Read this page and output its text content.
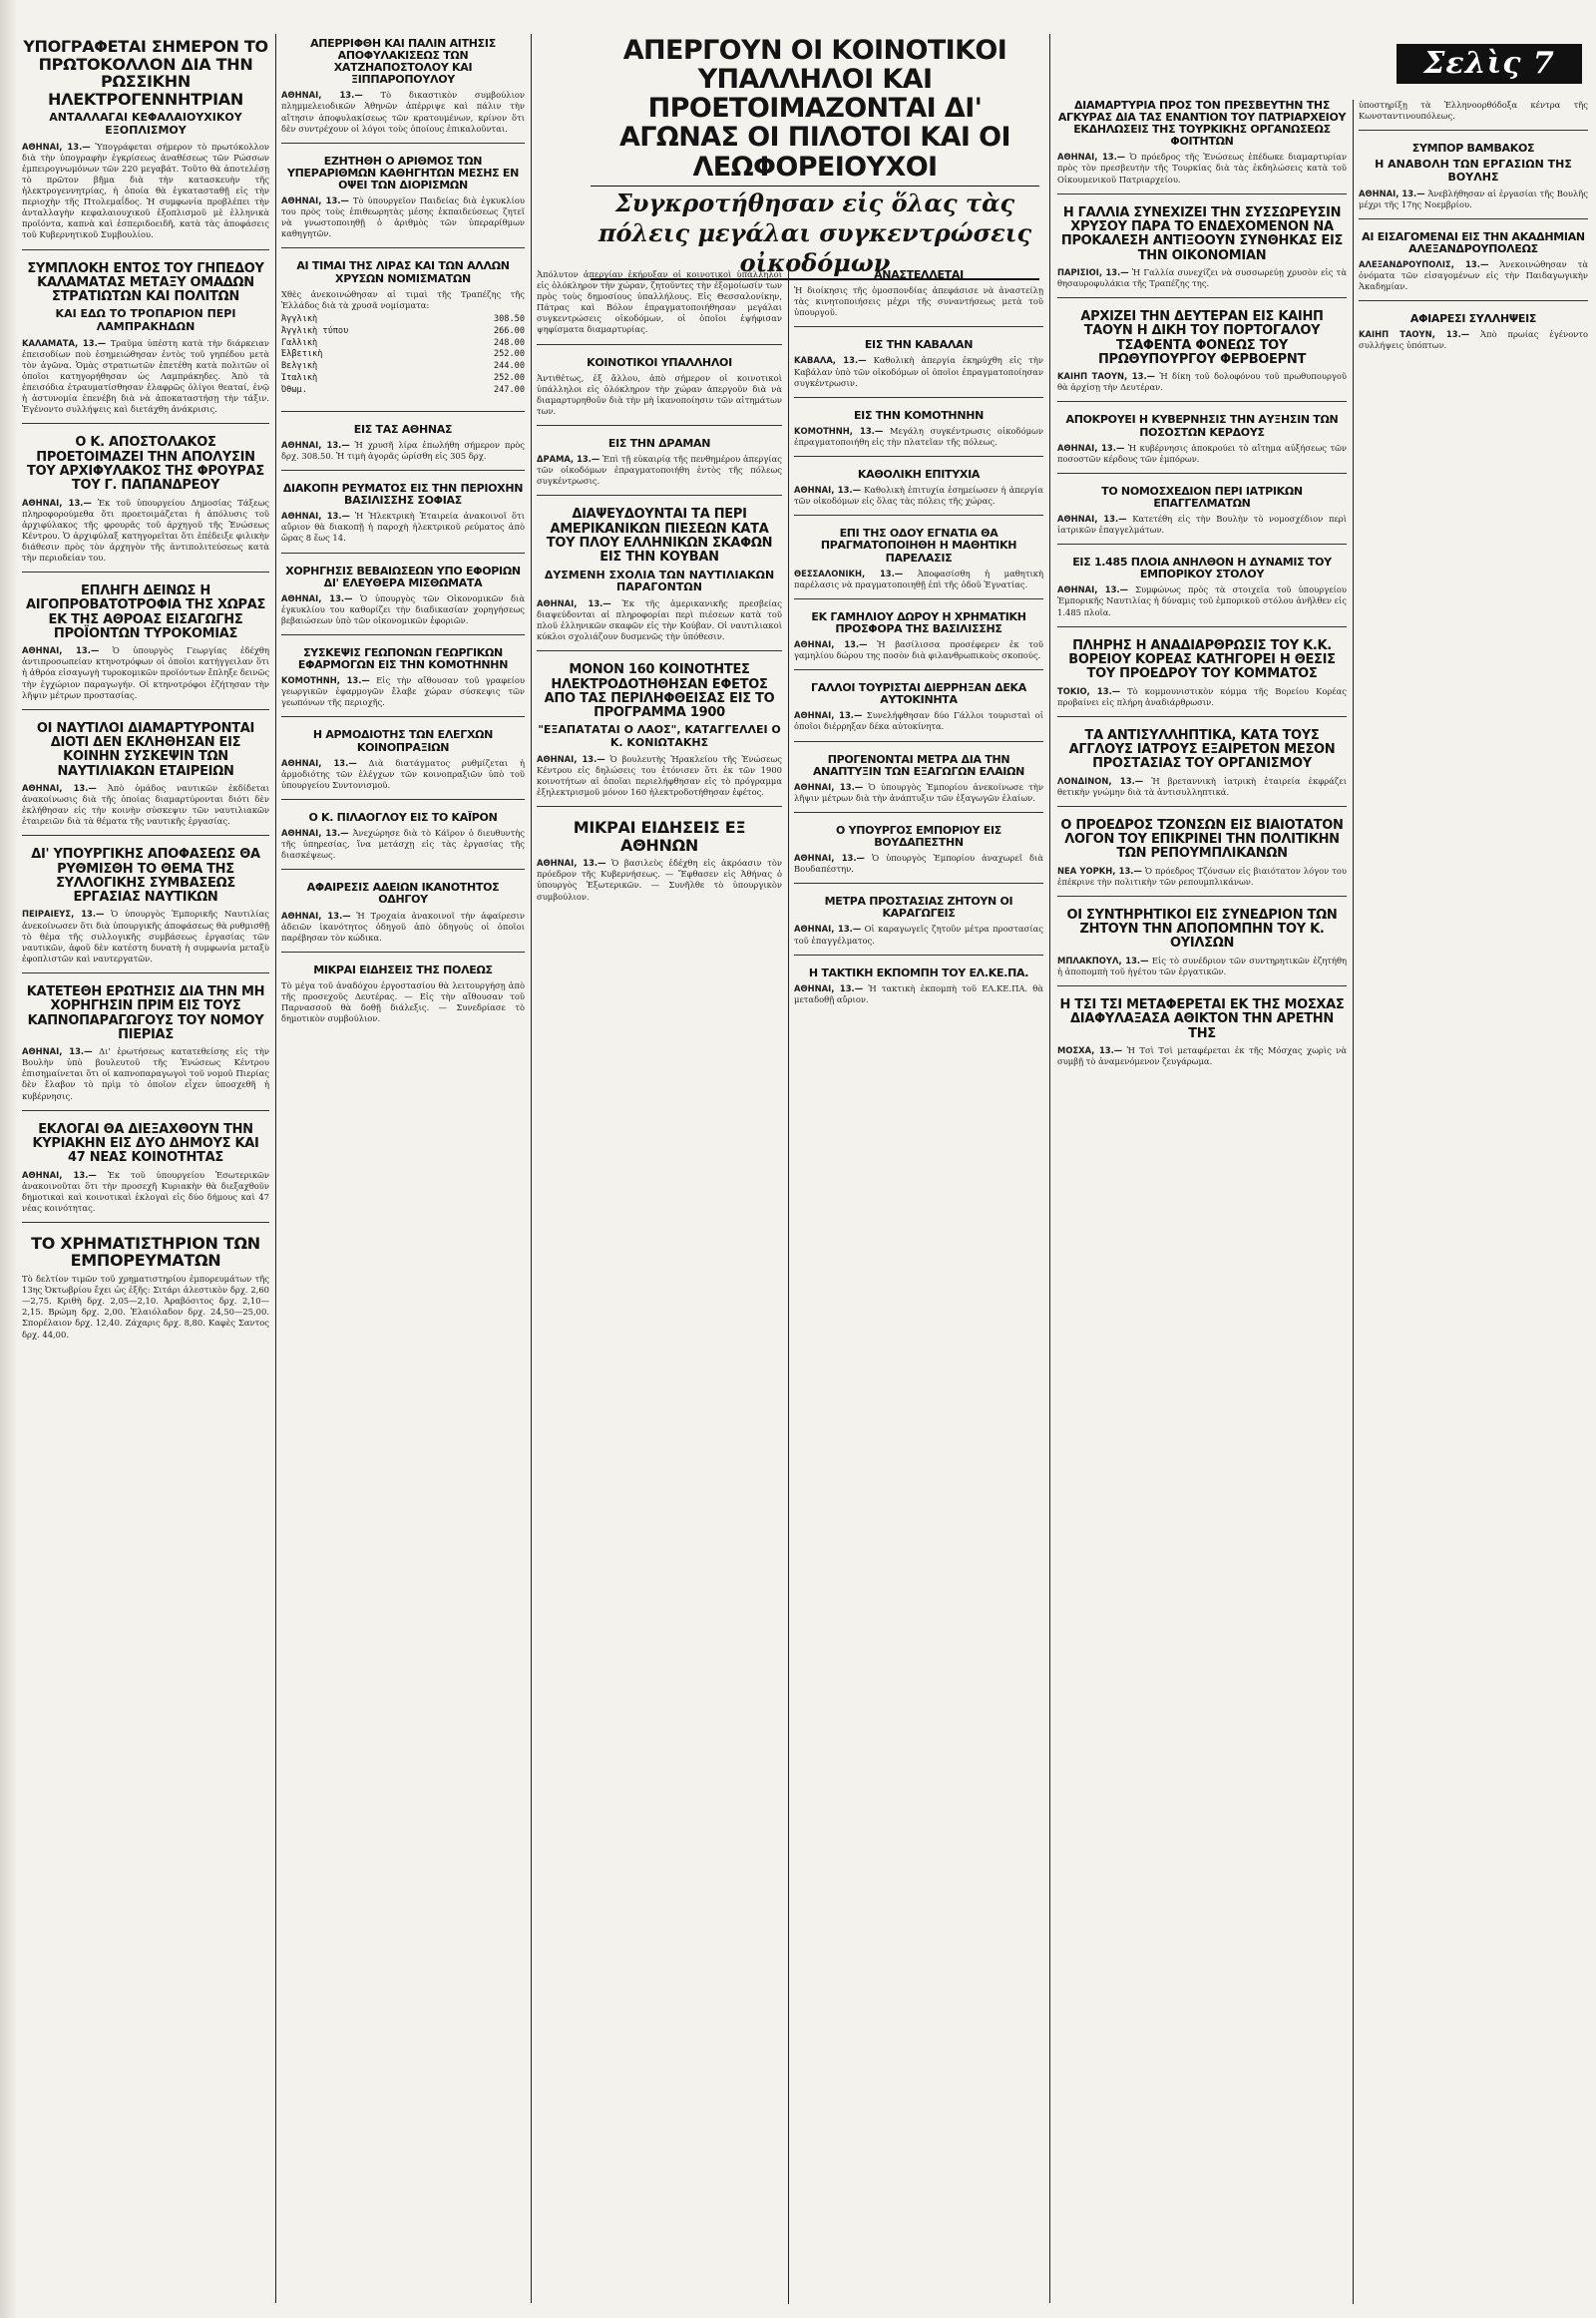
Σελὶς 7
ΑΠΕΡΓΟΥΝ ΟΙ ΚΟΙΝΟΤΙΚΟΙ ΥΠΑΛΛΗΛΟΙ ΚΑΙ ΠΡΟΕΤΟΙΜΑΖΟΝΤΑΙ ΔΙ' ΑΓΩΝΑΣ ΟΙ ΠΙΛΟΤΟΙ ΚΑΙ ΟΙ ΛΕΩΦΟΡΕΙΟΥΧΟΙ
Συγκροτήθησαν εἰς ὅλας τὰς πόλεις μεγάλαι συγκεντρώσεις οἰκοδόμων
ΥΠΟΓΡΑΦΕΤΑΙ ΣΗΜΕΡΟΝ ΤΟ ΠΡΩΤΟΚΟΛΛΟΝ ΔΙΑ ΤΗΝ ΡΩΣΣΙΚΗΝ ΗΛΕΚΤΡΟΓΕΝΝΗΤΡΙΑΝ
ΑΝΤΑΛΛΑΓΑΙ ΚΕΦΑΛΑΙΟΥΧΙΚΟΥ ΕΞΟΠΛΙΣΜΟΥ

ΑΘΗΝΑΙ, 13.— Ὑπογράφεται σήμερον τὸ πρωτόκολλον διὰ τὴν ὑπογραφὴν ἐγκρίσεως ἀναθέσεως τῶν Ρώσσων ἐμπειρογνωμόνων τῶν 220 μεγαβάτ. Τοῦτο θὰ ἀποτελέσῃ τὸ πρῶτον βῆμα διὰ τὴν κατασκευὴν τῆς ἠλεκτρογεννητρίας, ἡ ὁποία θὰ ἐγκατασταθῇ εἰς τὴν περιοχὴν τῆς Πτολεμαΐδος. Ἡ συμφωνία προβλέπει τὴν ἀνταλλαγὴν κεφαλαιουχικοῦ ἐξοπλισμοῦ μὲ ἑλληνικὰ προϊόντα, καπνὰ καὶ ἐσπεριδοειδῆ, κατὰ τὰς ἀποφάσεις τοῦ Κυβερνητικοῦ Συμβουλίου.

ΣΥΜΠΛΟΚΗ ΕΝΤΟΣ ΤΟΥ ΓΗΠΕΔΟΥ ΚΑΛΑΜΑΤΑΣ ΜΕΤΑΞΥ ΟΜΑΔΩΝ ΣΤΡΑΤΙΩΤΩΝ ΚΑΙ ΠΟΛΙΤΩΝ
ΚΑΙ ΕΔΩ ΤΟ ΤΡΟΠΑΡΙΟΝ ΠΕΡΙ ΛΑΜΠΡΑΚΗΔΩΝ

ΚΑΛΑΜΑΤΑ, 13.— Τραῦμα ὑπέστη κατὰ τὴν διάρκειαν ἐπεισοδίων ποὺ ἐσημειώθησαν ἐντὸς τοῦ γηπέδου μετὰ τὸν ἀγῶνα. Ὁμὰς στρατιωτῶν ἐπετέθη κατὰ πολιτῶν οἱ ὁποῖοι κατηγορήθησαν ὡς Λαμπράκηδες. Ἀπὸ τὰ ἐπεισόδια ἐτραυματίσθησαν ἐλαφρῶς ὀλίγοι θεαταί, ἐνῷ ἡ ἀστυνομία ἐπενέβη διὰ νὰ ἀποκαταστήσῃ τὴν τάξιν. Ἐγένοντο συλλήψεις καὶ διετάχθη ἀνάκρισις.

Ο Κ. ΑΠΟΣΤΟΛΑΚΟΣ ΠΡΟΕΤΟΙΜΑΖΕΙ ΤΗΝ ΑΠΟΛΥΣΙΝ ΤΟΥ ΑΡΧΙΦΥΛΑΚΟΣ ΤΗΣ ΦΡΟΥΡΑΣ ΤΟΥ Γ. ΠΑΠΑΝΔΡΕΟΥ

ΑΘΗΝΑΙ, 13.— Ἐκ τοῦ ὑπουργείου Δημοσίας Τάξεως πληροφορούμεθα ὅτι προετοιμάζεται ἡ ἀπόλυσις τοῦ ἀρχιφύλακος τῆς φρουρᾶς τοῦ ἀρχηγοῦ τῆς Ἑνώσεως Κέντρου. Ὁ ἀρχιφύλαξ κατηγορεῖται ὅτι ἐπέδειξε φιλικὴν διάθεσιν πρὸς τὸν ἀρχηγὸν τῆς ἀντιπολιτεύσεως κατὰ τὴν περιοδείαν του.

ΕΠΛΗΓΗ ΔΕΙΝΩΣ Η ΑΙΓΟΠΡΟΒΑΤΟΤΡΟΦΙΑ ΤΗΣ ΧΩΡΑΣ ΕΚ ΤΗΣ ΑΘΡΟΑΣ ΕΙΣΑΓΩΓΗΣ ΠΡΟΪΟΝΤΩΝ ΤΥΡΟΚΟΜΙΑΣ

ΑΘΗΝΑΙ, 13.— Ὁ ὑπουργὸς Γεωργίας ἐδέχθη ἀντιπροσωπείαν κτηνοτρόφων οἱ ὁποῖοι κατήγγειλαν ὅτι ἡ ἀθρόα εἰσαγωγὴ τυροκομικῶν προϊόντων ἔπληξε δεινῶς τὴν ἐγχώριον παραγωγήν. Οἱ κτηνοτρόφοι ἐζήτησαν τὴν λῆψιν μέτρων προστασίας.

ΟΙ ΝΑΥΤΙΛΟΙ ΔΙΑΜΑΡΤΥΡΟΝΤΑΙ ΔΙΟΤΙ ΔΕΝ ΕΚΛΗΘΗΣΑΝ ΕΙΣ ΚΟΙΝΗΝ ΣΥΣΚΕΨΙΝ ΤΩΝ ΝΑΥΤΙΛΙΑΚΩΝ ΕΤΑΙΡΕΙΩΝ

ΑΘΗΝΑΙ, 13.— Ἀπὸ ὁμάδος ναυτικῶν ἐκδίδεται ἀνακοίνωσις διὰ τῆς ὁποίας διαμαρτύρονται διότι δὲν ἐκλήθησαν εἰς τὴν κοινὴν σύσκεψιν τῶν ναυτιλιακῶν ἑταιρειῶν διὰ τὰ θέματα τῆς ναυτικῆς ἐργασίας.

ΔΙ' ΥΠΟΥΡΓΙΚΗΣ ΑΠΟΦΑΣΕΩΣ ΘΑ ΡΥΘΜΙΣΘΗ ΤΟ ΘΕΜΑ ΤΗΣ ΣΥΛΛΟΓΙΚΗΣ ΣΥΜΒΑΣΕΩΣ ΕΡΓΑΣΙΑΣ ΝΑΥΤΙΚΩΝ

ΠΕΙΡΑΙΕΥΣ, 13.— Ὁ ὑπουργὸς Ἐμπορικῆς Ναυτιλίας ἀνεκοίνωσεν ὅτι διὰ ὑπουργικῆς ἀποφάσεως θὰ ρυθμισθῇ τὸ θέμα τῆς συλλογικῆς συμβάσεως ἐργασίας τῶν ναυτικῶν, ἀφοῦ δὲν κατέστη δυνατὴ ἡ συμφωνία μεταξὺ ἐφοπλιστῶν καὶ ναυτεργατῶν.

ΚΑΤΕΤΕΘΗ ΕΡΩΤΗΣΙΣ ΔΙΑ ΤΗΝ ΜΗ ΧΟΡΗΓΗΣΙΝ ΠΡΙΜ ΕΙΣ ΤΟΥΣ ΚΑΠΝΟΠΑΡΑΓΩΓΟΥΣ ΤΟΥ ΝΟΜΟΥ ΠΙΕΡΙΑΣ

ΑΘΗΝΑΙ, 13.— Δι' ἐρωτήσεως κατατεθείσης εἰς τὴν Βουλὴν ὑπὸ βουλευτοῦ τῆς Ἑνώσεως Κέντρου ἐπισημαίνεται ὅτι οἱ καπνοπαραγωγοὶ τοῦ νομοῦ Πιερίας δὲν ἔλαβον τὸ πρὶμ τὸ ὁποῖον εἶχεν ὑποσχεθῆ ἡ κυβέρνησις.

ΕΚΛΟΓΑΙ ΘΑ ΔΙΕΞΑΧΘΟΥΝ ΤΗΝ ΚΥΡΙΑΚΗΝ ΕΙΣ ΔΥΟ ΔΗΜΟΥΣ ΚΑΙ 47 ΝΕΑΣ ΚΟΙΝΟΤΗΤΑΣ

ΑΘΗΝΑΙ, 13.— Ἐκ τοῦ ὑπουργείου Ἐσωτερικῶν ἀνακοινοῦται ὅτι τὴν προσεχῆ Κυριακὴν θὰ διεξαχθοῦν δημοτικαὶ καὶ κοινοτικαὶ ἐκλογαὶ εἰς δύο δήμους καὶ 47 νέας κοινότητας.

ΤΟ ΧΡΗΜΑΤΙΣΤΗΡΙΟΝ ΤΩΝ ΕΜΠΟΡΕΥΜΑΤΩΝ

Τὸ δελτίον τιμῶν τοῦ χρηματιστηρίου ἐμπορευμάτων τῆς 13ης Ὀκτωβρίου ἔχει ὡς ἑξῆς: Σιτάρι ἀλεστικὸν δρχ. 2,60—2,75. Κριθὴ δρχ. 2,05—2,10. Ἀραβόσιτος δρχ. 2,10—2,15. Βρώμη δρχ. 2,00. Ἐλαιόλαδον δρχ. 24,50—25,00. Σπορέλαιον δρχ. 12,40. Ζάχαρις δρχ. 8,80. Καφὲς Σαντος δρχ. 44,00.

ΑΠΕΡΡΙΦΘΗ ΚΑΙ ΠΑΛΙΝ ΑΙΤΗΣΙΣ ΑΠΟΦΥΛΑΚΙΣΕΩΣ ΤΩΝ ΧΑΤΖΗΑΠΟΣΤΟΛΟΥ ΚΑΙ ΞΙΠΠΑΡΟΠΟΥΛΟΥ

ΑΘΗΝΑΙ, 13.— Τὸ δικαστικὸν συμβούλιον πλημμελειοδικῶν Ἀθηνῶν ἀπέρριψε καὶ πάλιν τὴν αἴτησιν ἀποφυλακίσεως τῶν κρατουμένων, κρίνον ὅτι δὲν συντρέχουν οἱ λόγοι τοὺς ὁποίους ἐπικαλοῦνται.

ΕΖΗΤΗΘΗ Ο ΑΡΙΘΜΟΣ ΤΩΝ ΥΠΕΡΑΡΙΘΜΩΝ ΚΑΘΗΓΗΤΩΝ ΜΕΣΗΣ ΕΝ ΟΨΕΙ ΤΩΝ ΔΙΟΡΙΣΜΩΝ

ΑΘΗΝΑΙ, 13.— Τὸ ὑπουργεῖον Παιδείας διὰ ἐγκυκλίου του πρὸς τοὺς ἐπιθεωρητὰς μέσης ἐκπαιδεύσεως ζητεῖ νὰ γνωστοποιηθῇ ὁ ἀριθμὸς τῶν ὑπεραρίθμων καθηγητῶν.

ΑΙ ΤΙΜΑΙ ΤΗΣ ΛΙΡΑΣ ΚΑΙ ΤΩΝ ΑΛΛΩΝ ΧΡΥΣΩΝ ΝΟΜΙΣΜΑΤΩΝ

Χθὲς ἀνεκοινώθησαν αἱ τιμαὶ τῆς Τραπέζης τῆς Ἑλλάδος διὰ τὰ χρυσᾶ νομίσματα:

Ἀγγλικὴ	308.50
Ἀγγλικὴ τύπου	266.00
Γαλλικὴ	248.00
Ἐλβετικὴ	252.00
Βελγικὴ	244.00
Ἰταλικὴ	252.00
Ὀθωμ.	247.00
ΕΙΣ ΤΑΣ ΑΘΗΝΑΣ

ΑΘΗΝΑΙ, 13.— Ἡ χρυσῆ λίρα ἐπωλήθη σήμερον πρὸς δρχ. 308.50. Ἡ τιμὴ ἀγορᾶς ὡρίσθη εἰς 305 δρχ.

ΔΙΑΚΟΠΗ ΡΕΥΜΑΤΟΣ ΕΙΣ ΤΗΝ ΠΕΡΙΟΧΗΝ ΒΑΣΙΛΙΣΣΗΣ ΣΟΦΙΑΣ

ΑΘΗΝΑΙ, 13.— Ἡ Ἠλεκτρικὴ Ἑταιρεία ἀνακοινοῖ ὅτι αὔριον θὰ διακοπῇ ἡ παροχὴ ἠλεκτρικοῦ ρεύματος ἀπὸ ὥρας 8 ἕως 14.

ΧΟΡΗΓΗΣΙΣ ΒΕΒΑΙΩΣΕΩΝ ΥΠΟ ΕΦΟΡΙΩΝ ΔΙ' ΕΛΕΥΘΕΡΑ ΜΙΣΘΩΜΑΤΑ

ΑΘΗΝΑΙ, 13.— Ὁ ὑπουργὸς τῶν Οἰκονομικῶν διὰ ἐγκυκλίου του καθορίζει τὴν διαδικασίαν χορηγήσεως βεβαιώσεων ὑπὸ τῶν οἰκονομικῶν ἐφοριῶν.

ΣΥΣΚΕΨΙΣ ΓΕΩΠΟΝΩΝ ΓΕΩΡΓΙΚΩΝ ΕΦΑΡΜΟΓΩΝ ΕΙΣ ΤΗΝ ΚΟΜΟΤΗΝΗΝ

ΚΟΜΟΤΗΝΗ, 13.— Εἰς τὴν αἴθουσαν τοῦ γραφείου γεωργικῶν ἐφαρμογῶν ἔλαβε χώραν σύσκεψις τῶν γεωπόνων τῆς περιοχῆς.

Η ΑΡΜΟΔΙΟΤΗΣ ΤΩΝ ΕΛΕΓΧΩΝ ΚΟΙΝΟΠΡΑΞΙΩΝ

ΑΘΗΝΑΙ, 13.— Διὰ διατάγματος ρυθμίζεται ἡ ἁρμοδιότης τῶν ἐλέγχων τῶν κοινοπραξιῶν ὑπὸ τοῦ ὑπουργείου Συντονισμοῦ.

Ο Κ. ΠΙΛΑΟΓΛΟΥ ΕΙΣ ΤΟ ΚΑΪΡΟΝ

ΑΘΗΝΑΙ, 13.— Ἀνεχώρησε διὰ τὸ Κάϊρον ὁ διευθυντὴς τῆς ὑπηρεσίας, ἵνα μετάσχῃ εἰς τὰς ἐργασίας τῆς διασκέψεως.

ΑΦΑΙΡΕΣΙΣ ΑΔΕΙΩΝ ΙΚΑΝΟΤΗΤΟΣ ΟΔΗΓΟΥ

ΑΘΗΝΑΙ, 13.— Ἡ Τροχαία ἀνακοινοῖ τὴν ἀφαίρεσιν ἀδειῶν ἱκανότητος ὁδηγοῦ ἀπὸ ὁδηγοὺς οἱ ὁποῖοι παρέβησαν τὸν κώδικα.

ΜΙΚΡΑΙ ΕΙΔΗΣΕΙΣ ΤΗΣ ΠΟΛΕΩΣ

Τὸ μέγα τοῦ ἀναδόχου ἐργοστασίου θὰ λειτουργήσῃ ἀπὸ τῆς προσεχοῦς Δευτέρας. — Εἰς τὴν αἴθουσαν τοῦ Παρνασσοῦ θὰ δοθῇ διάλεξις. — Συνεδρίασε τὸ δημοτικὸν συμβούλιον.

Ἀπόλυτον ἀπεργίαν ἐκήρυξαν οἱ κοινοτικοὶ ὑπάλληλοι εἰς ὁλόκληρον τὴν χώραν, ζητοῦντες τὴν ἐξομοίωσίν των πρὸς τοὺς δημοσίους ὑπαλλήλους. Εἰς Θεσσαλονίκην, Πάτρας καὶ Βόλον ἐπραγματοποιήθησαν μεγάλαι συγκεντρώσεις οἰκοδόμων, οἱ ὁποῖοι ἐψήφισαν ψηφίσματα διαμαρτυρίας.

ΚΟΙΝΟΤΙΚΟΙ ΥΠΑΛΛΗΛΟΙ

Ἀντιθέτως, ἐξ ἄλλου, ἀπὸ σήμερον οἱ κοινοτικοὶ ὑπάλληλοι εἰς ὁλόκληρον τὴν χώραν ἀπεργοῦν διὰ νὰ διαμαρτυρηθοῦν διὰ τὴν μὴ ἱκανοποίησιν τῶν αἰτημάτων των.

ΕΙΣ ΤΗΝ ΔΡΑΜΑΝ

ΔΡΑΜΑ, 13.— Ἐπὶ τῇ εὐκαιρίᾳ τῆς πενθημέρου ἀπεργίας τῶν οἰκοδόμων ἐπραγματοποιήθη ἐντὸς τῆς πόλεως συγκέντρωσις.

ΔΙΑΨΕΥΔΟΥΝΤΑΙ ΤΑ ΠΕΡΙ ΑΜΕΡΙΚΑΝΙΚΩΝ ΠΙΕΣΕΩΝ ΚΑΤΑ ΤΟΥ ΠΛΟΥ ΕΛΛΗΝΙΚΩΝ ΣΚΑΦΩΝ ΕΙΣ ΤΗΝ ΚΟΥΒΑΝ
ΔΥΣΜΕΝΗ ΣΧΟΛΙΑ ΤΩΝ ΝΑΥΤΙΛΙΑΚΩΝ ΠΑΡΑΓΟΝΤΩΝ

ΑΘΗΝΑΙ, 13.— Ἐκ τῆς ἀμερικανικῆς πρεσβείας διαψεύδονται αἱ πληροφορίαι περὶ πιέσεων κατὰ τοῦ πλοῦ ἑλληνικῶν σκαφῶν εἰς τὴν Κούβαν. Οἱ ναυτιλιακοὶ κύκλοι σχολιάζουν δυσμενῶς τὴν ὑπόθεσιν.

ΜΟΝΟΝ 160 ΚΟΙΝΟΤΗΤΕΣ ΗΛΕΚΤΡΟΔΟΤΗΘΗΣΑΝ ΕΦΕΤΟΣ ΑΠΟ ΤΑΣ ΠΕΡΙΛΗΦΘΕΙΣΑΣ ΕΙΣ ΤΟ ΠΡΟΓΡΑΜΜΑ 1900
"ΕΞΑΠΑΤΑΤΑΙ Ο ΛΑΟΣ", ΚΑΤΑΓΓΕΛΛΕΙ Ο Κ. ΚΟΝΙΩΤΑΚΗΣ

ΑΘΗΝΑΙ, 13.— Ὁ βουλευτὴς Ἡρακλείου τῆς Ἑνώσεως Κέντρου εἰς δηλώσεις του ἐτόνισεν ὅτι ἐκ τῶν 1900 κοινοτήτων αἱ ὁποῖαι περιελήφθησαν εἰς τὸ πρόγραμμα ἐξηλεκτρισμοῦ μόνον 160 ἠλεκτροδοτήθησαν ἐφέτος.

ΜΙΚΡΑΙ ΕΙΔΗΣΕΙΣ ΕΞ ΑΘΗΝΩΝ

ΑΘΗΝΑΙ, 13.— Ὁ βασιλεὺς ἐδέχθη εἰς ἀκρόασιν τὸν πρόεδρον τῆς Κυβερνήσεως. — Ἔφθασεν εἰς Ἀθήνας ὁ ὑπουργὸς Ἐξωτερικῶν. — Συνῆλθε τὸ ὑπουργικὸν συμβούλιον.

ΑΝΑΣΤΕΛΛΕΤΑΙ

Ἡ διοίκησις τῆς ὁμοσπονδίας ἀπεφάσισε νὰ ἀναστείλῃ τὰς κινητοποιήσεις μέχρι τῆς συναντήσεως μετὰ τοῦ ὑπουργοῦ.

ΕΙΣ ΤΗΝ ΚΑΒΑΛΑΝ

ΚΑΒΑΛΑ, 13.— Καθολικὴ ἀπεργία ἐκηρύχθη εἰς τὴν Καβάλαν ὑπὸ τῶν οἰκοδόμων οἱ ὁποῖοι ἐπραγματοποίησαν συγκέντρωσιν.

ΕΙΣ ΤΗΝ ΚΟΜΟΤΗΝΗΝ

ΚΟΜΟΤΗΝΗ, 13.— Μεγάλη συγκέντρωσις οἰκοδόμων ἐπραγματοποιήθη εἰς τὴν πλατεῖαν τῆς πόλεως.

ΚΑΘΟΛΙΚΗ ΕΠΙΤΥΧΙΑ

ΑΘΗΝΑΙ, 13.— Καθολικὴ ἐπιτυχία ἐσημείωσεν ἡ ἀπεργία τῶν οἰκοδόμων εἰς ὅλας τὰς πόλεις τῆς χώρας.

ΕΠΙ ΤΗΣ ΟΔΟΥ ΕΓΝΑΤΙΑ ΘΑ ΠΡΑΓΜΑΤΟΠΟΙΗΘΗ Η ΜΑΘΗΤΙΚΗ ΠΑΡΕΛΑΣΙΣ

ΘΕΣΣΑΛΟΝΙΚΗ, 13.— Ἀποφασίσθη ἡ μαθητικὴ παρέλασις νὰ πραγματοποιηθῇ ἐπὶ τῆς ὁδοῦ Ἐγνατίας.

ΕΚ ΓΑΜΗΛΙΟΥ ΔΩΡΟΥ Η ΧΡΗΜΑΤΙΚΗ ΠΡΟΣΦΟΡΑ ΤΗΣ ΒΑΣΙΛΙΣΣΗΣ

ΑΘΗΝΑΙ, 13.— Ἡ βασίλισσα προσέφερεν ἐκ τοῦ γαμηλίου δώρου της ποσὸν διὰ φιλανθρωπικοὺς σκοπούς.

ΓΑΛΛΟΙ ΤΟΥΡΙΣΤΑΙ ΔΙΕΡΡΗΞΑΝ ΔΕΚΑ ΑΥΤΟΚΙΝΗΤΑ

ΑΘΗΝΑΙ, 13.— Συνελήφθησαν δύο Γάλλοι τουρισταὶ οἱ ὁποῖοι διέρρηξαν δέκα αὐτοκίνητα.

ΠΡΟΓΕΝΟΝΤΑΙ ΜΕΤΡΑ ΔΙΑ ΤΗΝ ΑΝΑΠΤΥΞΙΝ ΤΩΝ ΕΞΑΓΩΓΩΝ ΕΛΑΙΩΝ

ΑΘΗΝΑΙ, 13.— Ὁ ὑπουργὸς Ἐμπορίου ἀνεκοίνωσε τὴν λῆψιν μέτρων διὰ τὴν ἀνάπτυξιν τῶν ἐξαγωγῶν ἐλαίων.

Ο ΥΠΟΥΡΓΟΣ ΕΜΠΟΡΙΟΥ ΕΙΣ ΒΟΥΔΑΠΕΣΤΗΝ

ΑΘΗΝΑΙ, 13.— Ὁ ὑπουργὸς Ἐμπορίου ἀναχωρεῖ διὰ Βουδαπέστην.

ΜΕΤΡΑ ΠΡΟΣΤΑΣΙΑΣ ΖΗΤΟΥΝ ΟΙ ΚΑΡΑΓΩΓΕΙΣ

ΑΘΗΝΑΙ, 13.— Οἱ καραγωγεῖς ζητοῦν μέτρα προστασίας τοῦ ἐπαγγέλματος.

Η ΤΑΚΤΙΚΗ ΕΚΠΟΜΠΗ ΤΟΥ ΕΛ.ΚΕ.ΠΑ.

ΑΘΗΝΑΙ, 13.— Ἡ τακτικὴ ἐκπομπὴ τοῦ ΕΛ.ΚΕ.ΠΑ. θὰ μεταδοθῇ αὔριον.

ΔΙΑΜΑΡΤΥΡΙΑ ΠΡΟΣ ΤΟΝ ΠΡΕΣΒΕΥΤΗΝ ΤΗΣ ΑΓΚΥΡΑΣ ΔΙΑ ΤΑΣ ΕΝΑΝΤΙΟΝ ΤΟΥ ΠΑΤΡΙΑΡΧΕΙΟΥ ΕΚΔΗΛΩΣΕΙΣ ΤΗΣ ΤΟΥΡΚΙΚΗΣ ΟΡΓΑΝΩΣΕΩΣ ΦΟΙΤΗΤΩΝ

ΑΘΗΝΑΙ, 13.— Ὁ πρόεδρος τῆς Ἑνώσεως ἐπέδωκε διαμαρτυρίαν πρὸς τὸν πρεσβευτὴν τῆς Τουρκίας διὰ τὰς ἐκδηλώσεις κατὰ τοῦ Οἰκουμενικοῦ Πατριαρχείου.

Η ΓΑΛΛΙΑ ΣΥΝΕΧΙΖΕΙ ΤΗΝ ΣΥΣΣΩΡΕΥΣΙΝ ΧΡΥΣΟΥ ΠΑΡΑ ΤΟ ΕΝΔΕΧΟΜΕΝΟΝ ΝΑ ΠΡΟΚΑΛΕΣΗ ΑΝΤΙΞΟΟΥΝ ΣΥΝΘΗΚΑΣ ΕΙΣ ΤΗΝ ΟΙΚΟΝΟΜΙΑΝ

ΠΑΡΙΣΙΟΙ, 13.— Ἡ Γαλλία συνεχίζει νὰ συσσωρεύῃ χρυσὸν εἰς τὰ θησαυροφυλάκια τῆς Τραπέζης της.

ΑΡΧΙΖΕΙ ΤΗΝ ΔΕΥΤΕΡΑΝ ΕΙΣ ΚΑΙΗΠ ΤΑΟΥΝ Η ΔΙΚΗ ΤΟΥ ΠΟΡΤΟΓΑΛΟΥ ΤΣΑΦΕΝΤΑ ΦΟΝΕΩΣ ΤΟΥ ΠΡΩΘΥΠΟΥΡΓΟΥ ΦΕΡΒΟΕΡΝΤ

ΚΑΙΗΠ ΤΑΟΥΝ, 13.— Ἡ δίκη τοῦ δολοφόνου τοῦ πρωθυπουργοῦ θὰ ἀρχίσῃ τὴν Δευτέραν.

ΑΠΟΚΡΟΥΕΙ Η ΚΥΒΕΡΝΗΣΙΣ ΤΗΝ ΑΥΞΗΣΙΝ ΤΩΝ ΠΟΣΟΣΤΩΝ ΚΕΡΔΟΥΣ

ΑΘΗΝΑΙ, 13.— Ἡ κυβέρνησις ἀποκρούει τὸ αἴτημα αὐξήσεως τῶν ποσοστῶν κέρδους τῶν ἐμπόρων.

ΤΟ ΝΟΜΟΣΧΕΔΙΟΝ ΠΕΡΙ ΙΑΤΡΙΚΩΝ ΕΠΑΓΓΕΛΜΑΤΩΝ

ΑΘΗΝΑΙ, 13.— Κατετέθη εἰς τὴν Βουλὴν τὸ νομοσχέδιον περὶ ἰατρικῶν ἐπαγγελμάτων.

ΕΙΣ 1.485 ΠΛΟΙΑ ΑΝΗΛΘΟΝ Η ΔΥΝΑΜΙΣ ΤΟΥ ΕΜΠΟΡΙΚΟΥ ΣΤΟΛΟΥ

ΑΘΗΝΑΙ, 13.— Συμφώνως πρὸς τὰ στοιχεῖα τοῦ ὑπουργείου Ἐμπορικῆς Ναυτιλίας ἡ δύναμις τοῦ ἐμπορικοῦ στόλου ἀνῆλθεν εἰς 1.485 πλοῖα.

ΠΛΗΡΗΣ Η ΑΝΑΔΙΑΡΘΡΩΣΙΣ ΤΟΥ Κ.Κ. ΒΟΡΕΙΟΥ ΚΟΡΕΑΣ ΚΑΤΗΓΟΡΕΙ Η ΘΕΣΙΣ ΤΟΥ ΠΡΟΕΔΡΟΥ ΤΟΥ ΚΟΜΜΑΤΟΣ

ΤΟΚΙΟ, 13.— Τὸ κομμουνιστικὸν κόμμα τῆς Βορείου Κορέας προβαίνει εἰς πλήρη ἀναδιάρθρωσιν.

ΤΑ ΑΝΤΙΣΥΛΛΗΠΤΙΚΑ, ΚΑΤΑ ΤΟΥΣ ΑΓΓΛΟΥΣ ΙΑΤΡΟΥΣ ΕΞΑΙΡΕΤΟΝ ΜΕΣΟΝ ΠΡΟΣΤΑΣΙΑΣ ΤΟΥ ΟΡΓΑΝΙΣΜΟΥ

ΛΟΝΔΙΝΟΝ, 13.— Ἡ βρεταννικὴ ἰατρικὴ ἑταιρεία ἐκφράζει θετικὴν γνώμην διὰ τὰ ἀντισυλληπτικά.

Ο ΠΡΟΕΔΡΟΣ ΤΖΟΝΣΩΝ ΕΙΣ ΒΙΑΙΟΤΑΤΟΝ ΛΟΓΟΝ ΤΟΥ ΕΠΙΚΡΙΝΕΙ ΤΗΝ ΠΟΛΙΤΙΚΗΝ ΤΩΝ ΡΕΠΟΥΜΠΛΙΚΑΝΩΝ

ΝΕΑ ΥΟΡΚΗ, 13.— Ὁ πρόεδρος Τζόνσων εἰς βιαιότατον λόγον του ἐπέκρινε τὴν πολιτικὴν τῶν ρεπουμπλικάνων.

ΟΙ ΣΥΝΤΗΡΗΤΙΚΟΙ ΕΙΣ ΣΥΝΕΔΡΙΟΝ ΤΩΝ ΖΗΤΟΥΝ ΤΗΝ ΑΠΟΠΟΜΠΗΝ ΤΟΥ Κ. ΟΥΙΛΣΩΝ

ΜΠΛΑΚΠΟΥΛ, 13.— Εἰς τὸ συνέδριον τῶν συντηρητικῶν ἐζητήθη ἡ ἀποπομπὴ τοῦ ἡγέτου τῶν ἐργατικῶν.

Η ΤΣΙ ΤΣΙ ΜΕΤΑΦΕΡΕΤΑΙ ΕΚ ΤΗΣ ΜΟΣΧΑΣ ΔΙΑΦΥΛΑΞΑΣΑ ΑΘΙΚΤΟΝ ΤΗΝ ΑΡΕΤΗΝ ΤΗΣ

ΜΟΣΧΑ, 13.— Ἡ Τσὶ Τσὶ μεταφέρεται ἐκ τῆς Μόσχας χωρὶς νὰ συμβῇ τὸ ἀναμενόμενον ζευγάρωμα.

ὑποστηρίξῃ τὰ Ἑλληνοορθόδοξα κέντρα τῆς Κωνσταντινουπόλεως.

ΣΥΜΠΟΡ ΒΑΜΒΑΚΟΣ
Η ΑΝΑΒΟΛΗ ΤΩΝ ΕΡΓΑΣΙΩΝ ΤΗΣ ΒΟΥΛΗΣ

ΑΘΗΝΑΙ, 13.— Ἀνεβλήθησαν αἱ ἐργασίαι τῆς Βουλῆς μέχρι τῆς 17ης Νοεμβρίου.

ΑΙ ΕΙΣΑΓΟΜΕΝΑΙ ΕΙΣ ΤΗΝ ΑΚΑΔΗΜΙΑΝ ΑΛΕΞΑΝΔΡΟΥΠΟΛΕΩΣ

ΑΛΕΞΑΝΔΡΟΥΠΟΛΙΣ, 13.— Ἀνεκοινώθησαν τὰ ὀνόματα τῶν εἰσαγομένων εἰς τὴν Παιδαγωγικὴν Ἀκαδημίαν.

ΑΦΙΑΡΕΣΙ ΣΥΛΛΗΨΕΙΣ

ΚΑΙΗΠ ΤΑΟΥΝ, 13.— Ἀπὸ πρωίας ἐγένοντο συλλήψεις ὑπόπτων.
